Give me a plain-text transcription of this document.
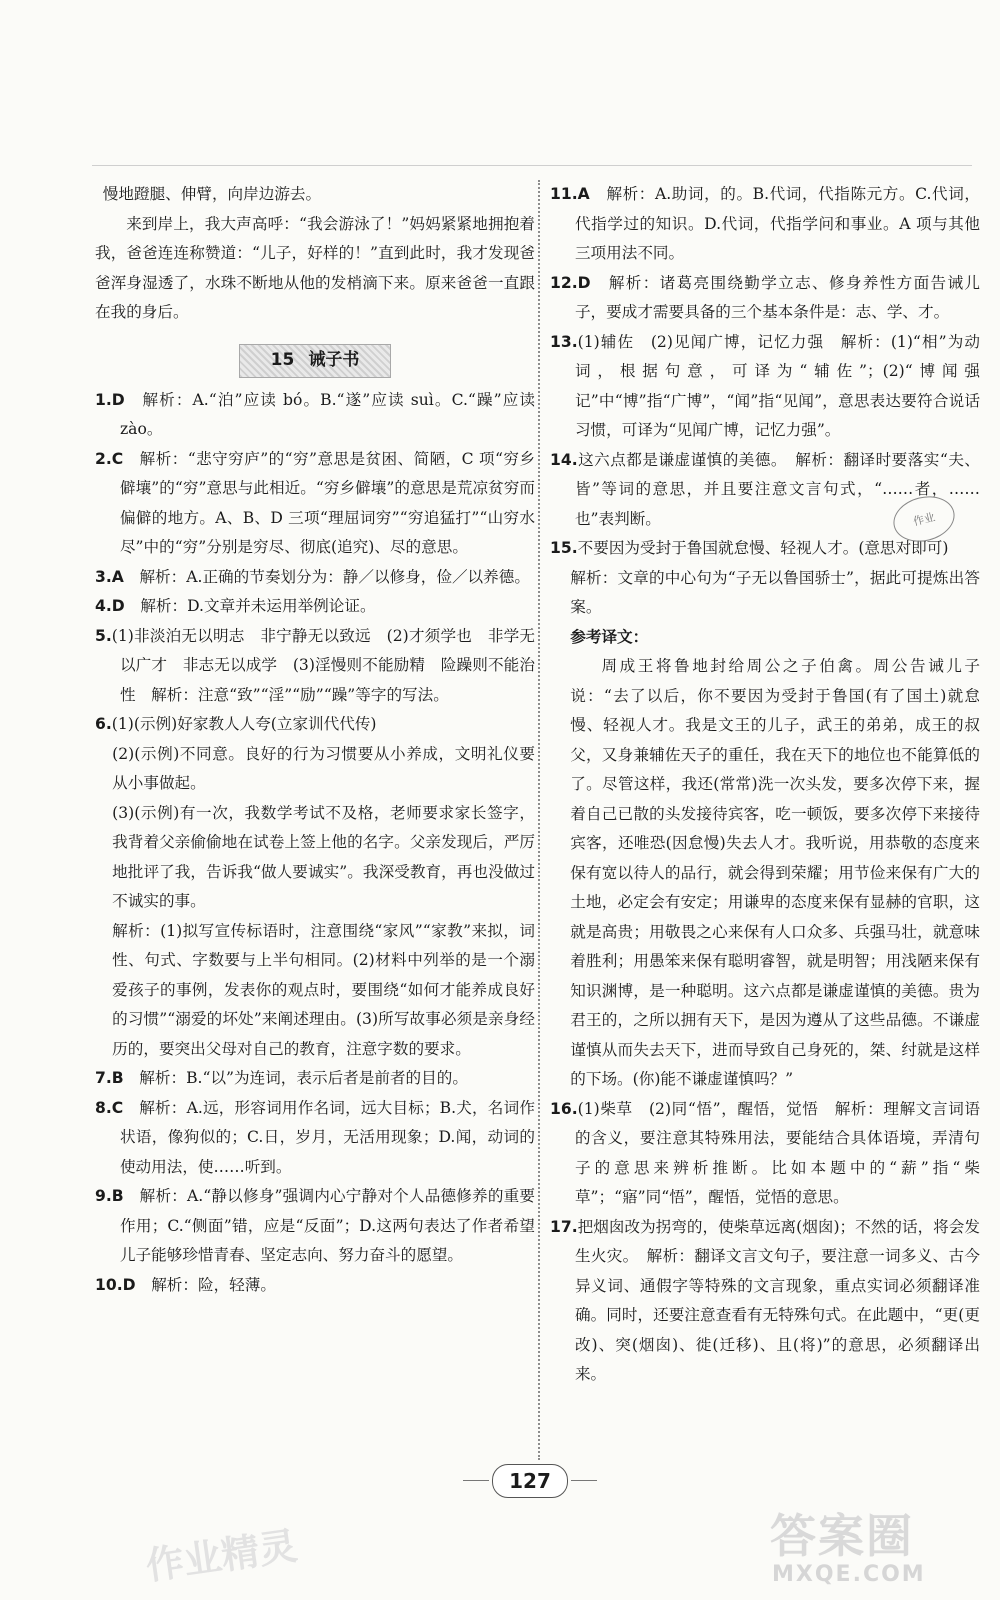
慢地蹬腿、伸臂，向岸边游去。

来到岸上，我大声高呼：“我会游泳了！”妈妈紧紧地拥抱着我，爸爸连连称赞道：“儿子，好样的！”直到此时，我才发现爸爸浑身湿透了，水珠不断地从他的发梢滴下来。原来爸爸一直跟在我的身后。

15 诫子书

1.D　 解析：A.“泊”应读 bó。B.“遂”应读 suì。C.“躁”应读 zào。

2.C　 解析：“悲守穷庐”的“穷”意思是贫困、简陋，C 项“穷乡僻壤”的“穷”意思与此相近。“穷乡僻壤”的意思是荒凉贫穷而偏僻的地方。A、B、D 三项“理屈词穷”“穷追猛打”“山穷水尽”中的“穷”分别是穷尽、彻底(追究)、尽的意思。

3.A　 解析：A.正确的节奏划分为：静／以修身，俭／以养德。

4.D　 解析：D.文章并未运用举例论证。

5.(1)非淡泊无以明志　非宁静无以致远　(2)才须学也　非学无以广才　非志无以成学　(3)淫慢则不能励精　险躁则不能治性　解析：注意“致”“淫”“励”“躁”等字的写法。

6.(1)(示例)好家教人人夸(立家训代代传)

(2)(示例)不同意。良好的行为习惯要从小养成，文明礼仪要从小事做起。

(3)(示例)有一次，我数学考试不及格，老师要求家长签字，我背着父亲偷偷地在试卷上签上他的名字。父亲发现后，严厉地批评了我，告诉我“做人要诚实”。我深受教育，再也没做过不诚实的事。

解析：(1)拟写宣传标语时，注意围绕“家风”“家教”来拟，词性、句式、字数要与上半句相同。(2)材料中列举的是一个溺爱孩子的事例，发表你的观点时，要围绕“如何才能养成良好的习惯”“溺爱的坏处”来阐述理由。(3)所写故事必须是亲身经历的，要突出父母对自己的教育，注意字数的要求。

7.B　 解析：B.“以”为连词，表示后者是前者的目的。

8.C　 解析：A.远，形容词用作名词，远大目标；B.犬，名词作状语，像狗似的；C.日，岁月，无活用现象；D.闻，动词的使动用法，使……听到。

9.B　 解析：A.“静以修身”强调内心宁静对个人品德修养的重要作用；C.“侧面”错，应是“反面”；D.这两句表达了作者希望儿子能够珍惜青春、坚定志向、努力奋斗的愿望。

10.D　 解析：险，轻薄。

11.A　 解析：A.助词，的。B.代词，代指陈元方。C.代词，代指学过的知识。D.代词，代指学问和事业。A 项与其他三项用法不同。

12.D　 解析：诸葛亮围绕勤学立志、修身养性方面告诫儿子，要成才需要具备的三个基本条件是：志、学、才。

13.(1)辅佐　(2)见闻广博，记忆力强　解析：(1)“相”为动词，根据句意，可译为“辅佐”；(2)“博闻强记”中“博”指“广博”，“闻”指“见闻”，意思表达要符合说话习惯，可译为“见闻广博，记忆力强”。

14.这六点都是谦虚谨慎的美德。　解析：翻译时要落实“夫、皆”等词的意思，并且要注意文言句式，“……者，……也”表判断。

15.不要因为受封于鲁国就怠慢、轻视人才。(意思对即可)

解析：文章的中心句为“子无以鲁国骄士”，据此可提炼出答案。

参考译文：

周成王将鲁地封给周公之子伯禽。周公告诫儿子说：“去了以后，你不要因为受封于鲁国(有了国土)就怠慢、轻视人才。我是文王的儿子，武王的弟弟，成王的叔父，又身兼辅佐天子的重任，我在天下的地位也不能算低的了。尽管这样，我还(常常)洗一次头发，要多次停下来，握着自己已散的头发接待宾客，吃一顿饭，要多次停下来接待宾客，还唯恐(因怠慢)失去人才。我听说，用恭敬的态度来保有宽以待人的品行，就会得到荣耀；用节俭来保有广大的土地，必定会有安定；用谦卑的态度来保有显赫的官职，这就是高贵；用敬畏之心来保有人口众多、兵强马壮，就意味着胜利；用愚笨来保有聪明睿智，就是明智；用浅陋来保有知识渊博，是一种聪明。这六点都是谦虚谨慎的美德。贵为君王的，之所以拥有天下，是因为遵从了这些品德。不谦虚谨慎从而失去天下，进而导致自己身死的，桀、纣就是这样的下场。(你)能不谦虚谨慎吗？”

16.(1)柴草　(2)同“悟”，醒悟，觉悟　解析：理解文言词语的含义，要注意其特殊用法，要能结合具体语境，弄清句子的意思来辨析推断。比如本题中的“薪”指“柴草”；“寤”同“悟”，醒悟，觉悟的意思。

17.把烟囱改为拐弯的，使柴草远离(烟囱)；不然的话，将会发生火灾。　解析：翻译文言文句子，要注意一词多义、古今异义词、通假字等特殊的文言现象，重点实词必须翻译准确。同时，还要注意查看有无特殊句式。在此题中，“更(更改)、突(烟囱)、徙(迁移)、且(将)”的意思，必须翻译出来。

作业
127
作业精灵	答案圈
MXQE.COM
